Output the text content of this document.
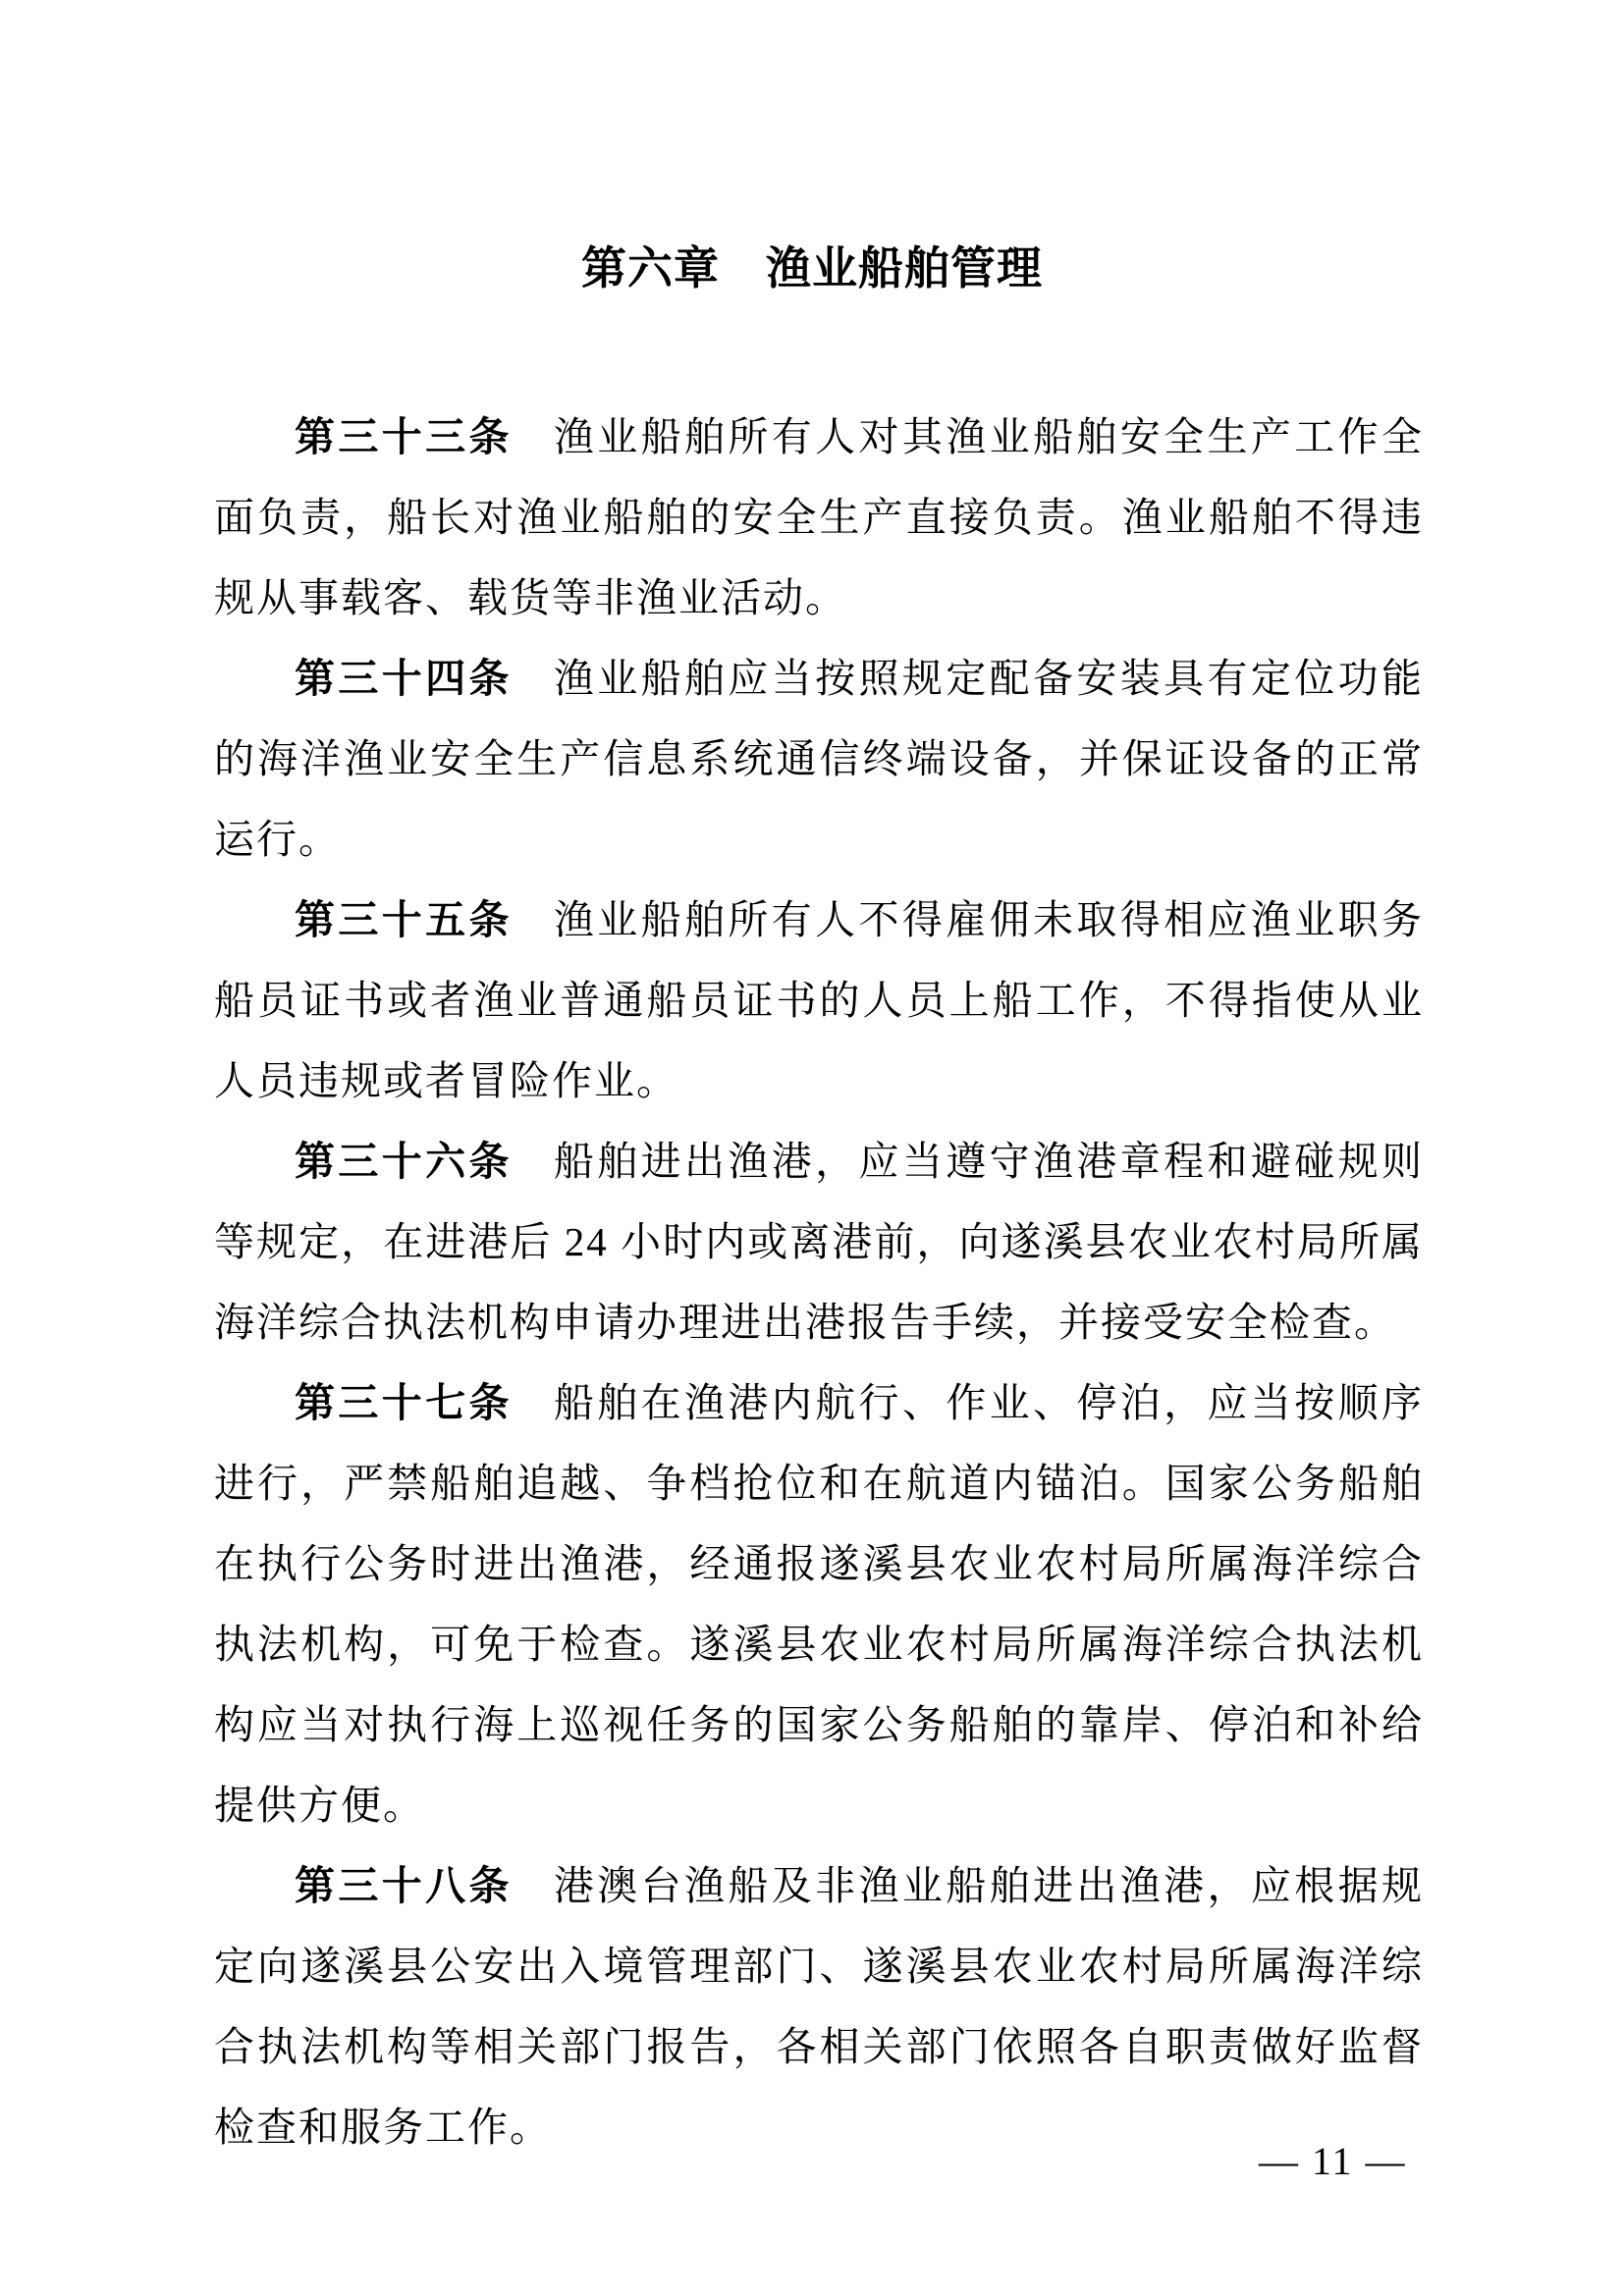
第六章　渔业船舶管理

第三十三条 渔业船舶所有人对其渔业船舶安全生产工作全面负责，船长对渔业船舶的安全生产直接负责。渔业船舶不得违规从事载客、载货等非渔业活动。

第三十四条 渔业船舶应当按照规定配备安装具有定位功能的海洋渔业安全生产信息系统通信终端设备，并保证设备的正常运行。

第三十五条 渔业船舶所有人不得雇佣未取得相应渔业职务船员证书或者渔业普通船员证书的人员上船工作，不得指使从业人员违规或者冒险作业。

第三十六条 船舶进出渔港，应当遵守渔港章程和避碰规则等规定，在进港后 24 小时内或离港前，向遂溪县农业农村局所属海洋综合执法机构申请办理进出港报告手续，并接受安全检查。

第三十七条 船舶在渔港内航行、作业、停泊，应当按顺序进行，严禁船舶追越、争档抢位和在航道内锚泊。国家公务船舶在执行公务时进出渔港，经通报遂溪县农业农村局所属海洋综合执法机构，可免于检查。遂溪县农业农村局所属海洋综合执法机构应当对执行海上巡视任务的国家公务船舶的靠岸、停泊和补给提供方便。

第三十八条 港澳台渔船及非渔业船舶进出渔港，应根据规定向遂溪县公安出入境管理部门、遂溪县农业农村局所属海洋综合执法机构等相关部门报告，各相关部门依照各自职责做好监督检查和服务工作。

— 11 —
